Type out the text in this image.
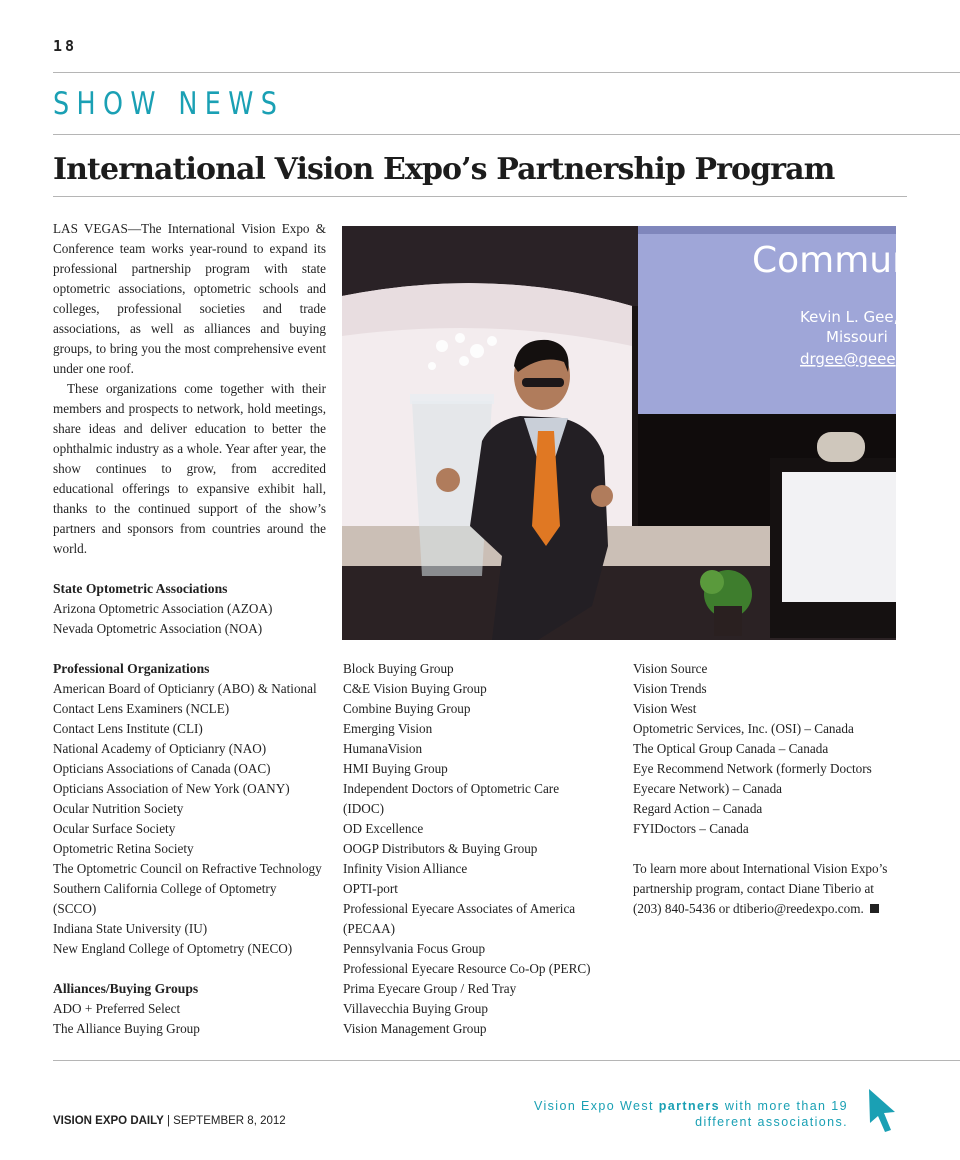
18
SHOW NEWS
International Vision Expo’s Partnership Program

LAS VEGAS—The International Vision Expo & Conference team works year-round to expand its professional partnership program with state optometric associations, optometric schools and colleges, professional societies and trade associations, as well as alliances and buying groups, to bring you the most comprehensive event under one roof.

These organizations come together with their members and prospects to network, hold meetings, share ideas and deliver education to better the ophthalmic industry as a whole. Year after year, the show continues to grow, from accredited educational offerings to expansive exhibit hall, thanks to the continued support of the show’s partners and sponsors from countries around the world.

State Optometric Associations
Arizona Optometric Association (AZOA)
Nevada Optometric Association (NOA)
Commun
Kevin L. Gee,
Missouri
drgee@geee
Professional Organizations
American Board of Opticianry (ABO) & National
Contact Lens Examiners (NCLE)
Contact Lens Institute (CLI)
National Academy of Opticianry (NAO)
Opticians Associations of Canada (OAC)
Opticians Association of New York (OANY)
Ocular Nutrition Society
Ocular Surface Society
Optometric Retina Society
The Optometric Council on Refractive Technology
Southern California College of Optometry
(SCCO)
Indiana State University (IU)
New England College of Optometry (NECO)
Alliances/Buying Groups
ADO + Preferred Select
The Alliance Buying Group
Block Buying Group
C&E Vision Buying Group
Combine Buying Group
Emerging Vision
HumanaVision
HMI Buying Group
Independent Doctors of Optometric Care
(IDOC)
OD Excellence
OOGP Distributors & Buying Group
Infinity Vision Alliance
OPTI-port
Professional Eyecare Associates of America
(PECAA)
Pennsylvania Focus Group
Professional Eyecare Resource Co-Op (PERC)
Prima Eyecare Group / Red Tray
Villavecchia Buying Group
Vision Management Group
Vision Source
Vision Trends
Vision West
Optometric Services, Inc. (OSI) – Canada
The Optical Group Canada – Canada
Eye Recommend Network (formerly Doctors
Eyecare Network) – Canada
Regard Action – Canada
FYIDoctors – Canada
To learn more about International Vision Expo’s
partnership program, contact Diane Tiberio at
(203) 840-5436 or dtiberio@reedexpo.com.
VISION EXPO DAILY | SEPTEMBER 8, 2012
Vision Expo West partners with more than 19
different associations.
